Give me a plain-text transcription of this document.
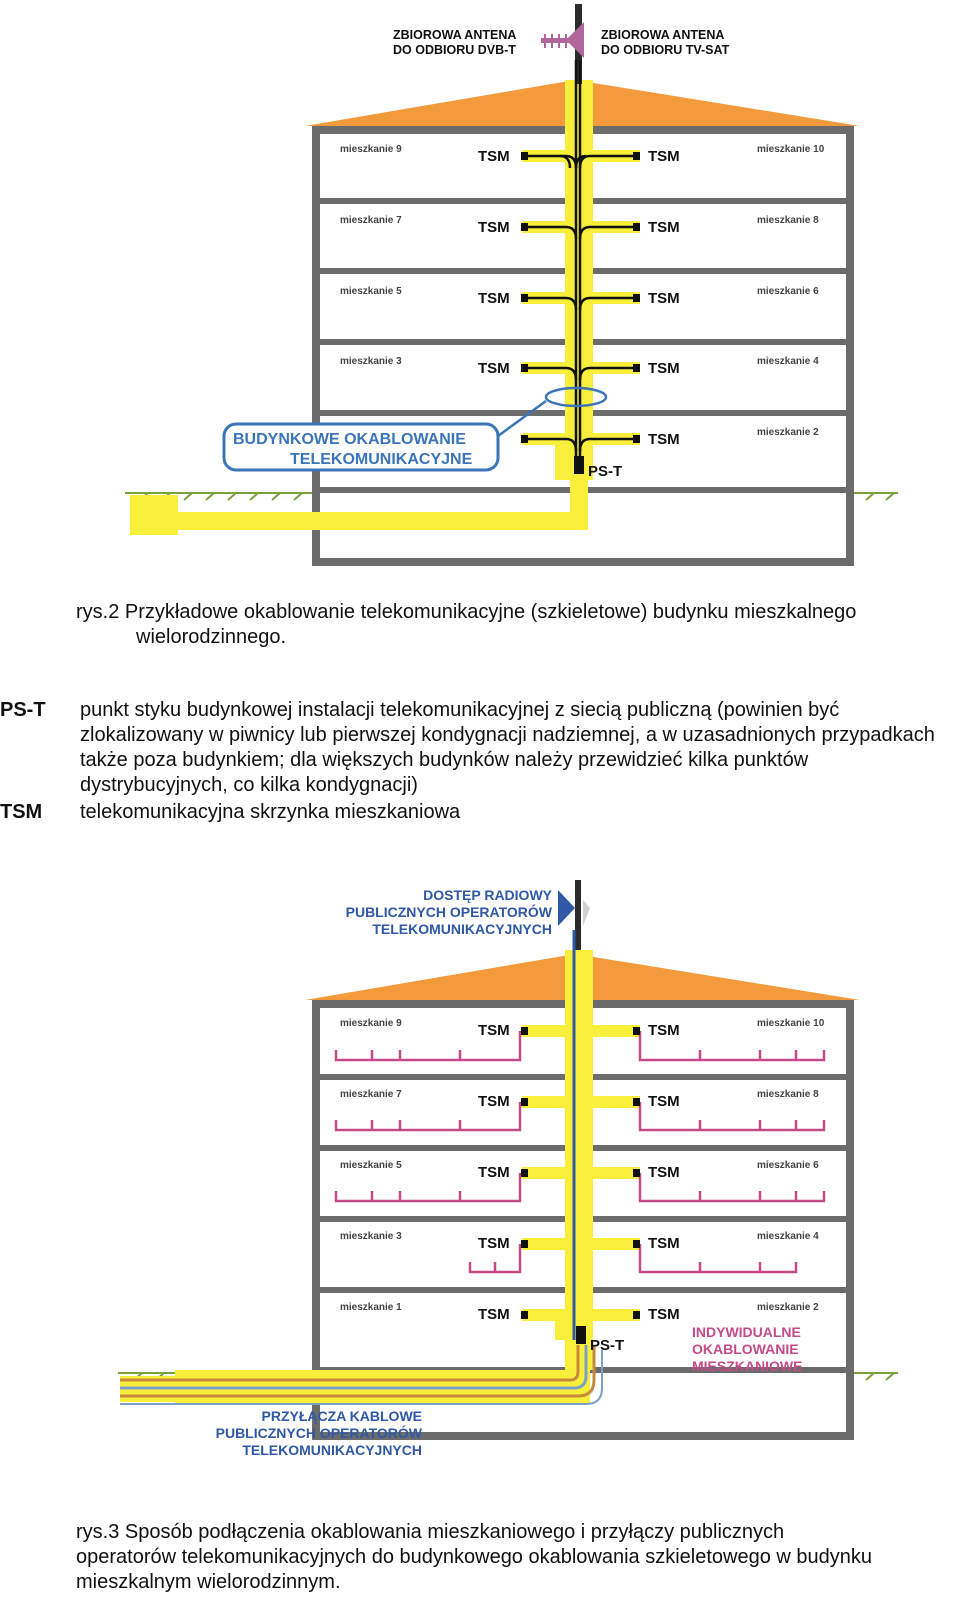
ZBIOROWA ANTENA
DO ODBIORU DVB-T
ZBIOROWA ANTENA
DO ODBIORU TV-SAT
mieszkanie 9	mieszkanie 10
mieszkanie 7	mieszkanie 8
mieszkanie 5	mieszkanie 6
mieszkanie 3	mieszkanie 4
mieszkanie 2
TSM	TSM
TSM	TSM
TSM	TSM
TSM	TSM
TSM
PS-T
BUDYNKOWE OKABLOWANIE
TELEKOMUNIKACYJNE
rys.2 Przykładowe okablowanie telekomunikacyjne (szkieletowe) budynku mieszkalnego
wielorodzinnego.
PS-T punkt styku budynkowej instalacji telekomunikacyjnej z siecią publiczną (powinien być zlokalizowany w piwnicy lub pierwszej kondygnacji nadziemnej, a w uzasadnionych przypadkach także poza budynkiem; dla większych budynków należy przewidzieć kilka punktów dystrybucyjnych, co kilka kondygnacji)
TSM telekomunikacyjna skrzynka mieszkaniowa
DOSTĘP RADIOWY
PUBLICZNYCH OPERATORÓW
TELEKOMUNIKACYJNYCH
mieszkanie 9	mieszkanie 10
mieszkanie 7	mieszkanie 8
mieszkanie 5	mieszkanie 6
mieszkanie 3	mieszkanie 4
mieszkanie 1	mieszkanie 2
TSM	TSM
TSM	TSM
TSM	TSM
TSM	TSM
TSM	TSM
PS-T
INDYWIDUALNE
OKABLOWANIE
MIESZKANIOWE
PRZYŁĄCZA KABLOWE
PUBLICZNYCH OPERATORÓW
TELEKOMUNIKACYJNYCH
rys.3 Sposób podłączenia okablowania mieszkaniowego i przyłączy publicznych
operatorów telekomunikacyjnych do budynkowego okablowania szkieletowego w budynku
mieszkalnym wielorodzinnym.
